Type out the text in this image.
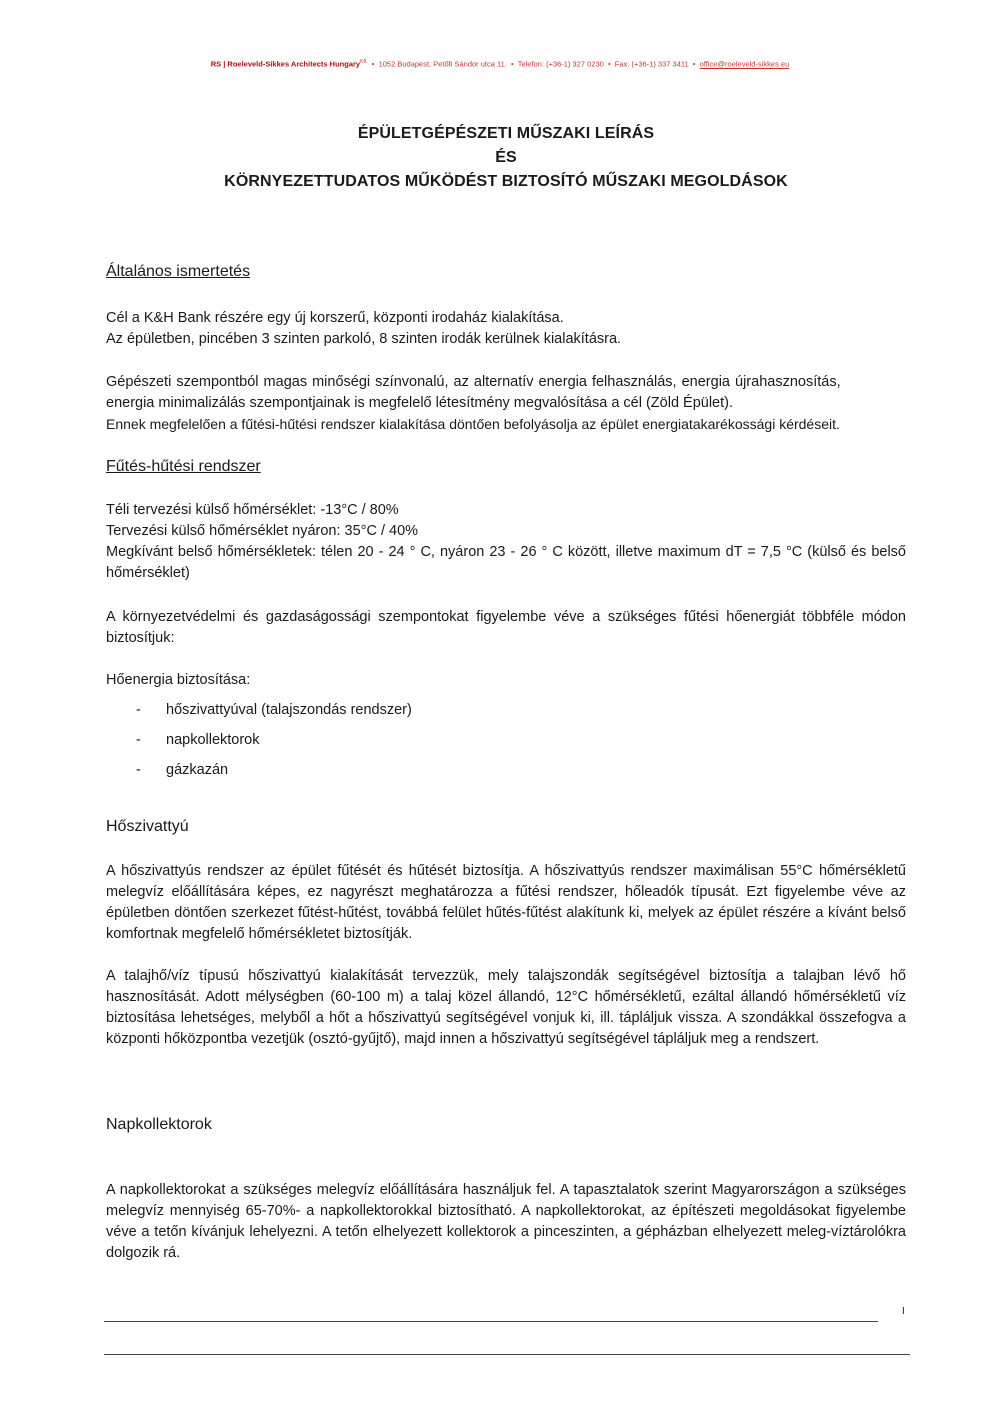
RS | Roeleveld-Sikkes Architects Hungary$^{Kft.}$  •  1052 Budapest, Petőfi Sándor utca 11.  •  Telefon: (+36-1) 327 0230  •  Fax: (+36-1) 337 3411  •  office@roeleveld-sikkes.eu
ÉPÜLETGÉPÉSZETI MŰSZAKI LEÍRÁS
ÉS
KÖRNYEZETTUDATOS MŰKÖDÉST BIZTOSÍTÓ MŰSZAKI MEGOLDÁSOK
Általános ismertetés
Cél a K&H Bank részére egy új korszerű, központi irodaház kialakítása.
Az épületben, pincében 3 szinten parkoló, 8 szinten irodák kerülnek kialakításra.
Gépészeti szempontból magas minőségi színvonalú, az alternatív energia felhasználás, energia újrahasznosítás,
energia minimalizálás szempontjainak is megfelelő létesítmény megvalósítása a cél (Zöld Épület).
Ennek megfelelően a fűtési-hűtési rendszer kialakítása döntően befolyásolja az épület energiatakarékossági kérdéseit.
Fűtés-hűtési rendszer
Téli tervezési külső hőmérséklet: -13°C / 80%
Tervezési külső hőmérséklet nyáron: 35°C / 40%
Megkívánt belső hőmérsékletek: télen 20 - 24 ° C, nyáron 23 - 26 ° C között, illetve maximum dT = 7,5 °C (külső és belső hőmérséklet)
A környezetvédelmi és gazdaságossági szempontokat figyelembe véve a szükséges fűtési hőenergiát többféle módon biztosítjuk:
Hőenergia biztosítása:
- hőszivattyúval (talajszondás rendszer)
- napkollektorok
- gázkazán
Hőszivattyú
A hőszivattyús rendszer az épület fűtését és hűtését biztosítja. A hőszivattyús rendszer maximálisan 55°C hőmérsékletű melegvíz előállítására képes, ez nagyrészt meghatározza a fűtési rendszer, hőleadók típusát. Ezt figyelembe véve az épületben döntően szerkezet fűtést-hűtést, továbbá felület hűtés-fűtést alakítunk ki, melyek az épület részére a kívánt belső komfortnak megfelelő hőmérsékletet biztosítják.
A talajhő/víz típusú hőszivattyú kialakítását tervezzük, mely talajszondák segítségével biztosítja a talajban lévő hő hasznosítását. Adott mélységben (60-100 m) a talaj közel állandó, 12°C hőmérsékletű, ezáltal állandó hőmérsékletű víz biztosítása lehetséges, melyből a hőt a hőszivattyú segítségével vonjuk ki, ill. tápláljuk vissza. A szondákkal összefogva a központi hőközpontba vezetjük (osztó-gyűjtő), majd innen a hőszivattyú segítségével tápláljuk meg a rendszert.
Napkollektorok
A napkollektorokat a szükséges melegvíz előállítására használjuk fel. A tapasztalatok szerint Magyarországon a szükséges melegvíz mennyiség 65-70%- a napkollektorokkal biztosítható. A napkollektorokat, az építészeti megoldásokat figyelembe véve a tetőn kívánjuk lehelyezni. A tetőn elhelyezett kollektorok a pinceszinten, a gépházban elhelyezett meleg-víztárolókra dolgozik rá.
I
